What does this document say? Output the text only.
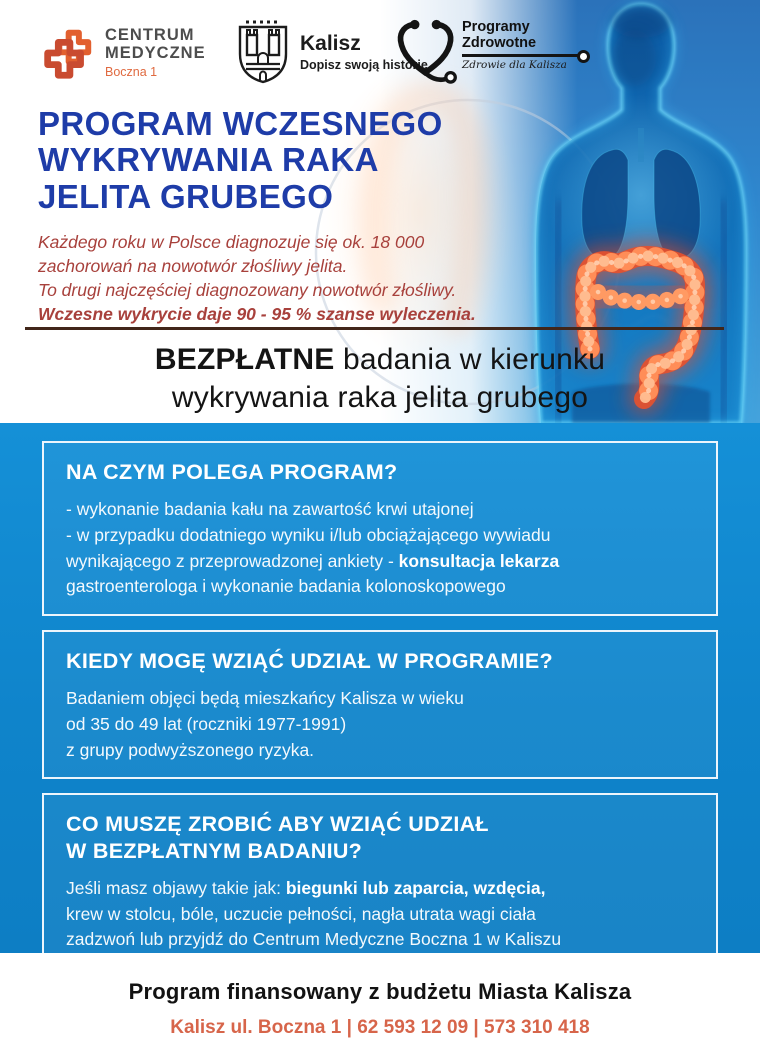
CENTRUM
MEDYCZNE
Boczna 1
Kalisz
Dopisz swoją historię
Programy
Zdrowotne
Zdrowie dla Kalisza
PROGRAM WCZESNEGO
WYKRYWANIA RAKA
JELITA GRUBEGO
Każdego roku w Polsce diagnozuje się ok. 18 000
zachorowań na nowotwór złośliwy jelita.
To drugi najczęściej diagnozowany nowotwór złośliwy.
Wczesne wykrycie daje 90 - 95 % szanse wyleczenia.
BEZPŁATNE badania w kierunku
wykrywania raka jelita grubego
NA CZYM POLEGA PROGRAM?
- wykonanie badania kału na zawartość krwi utajonej
- w przypadku dodatniego wyniku i/lub obciążającego wywiadu
wynikającego z przeprowadzonej ankiety - konsultacja lekarza
gastroenterologa i wykonanie badania kolonoskopowego
KIEDY MOGĘ WZIĄĆ UDZIAŁ W PROGRAMIE?
Badaniem objęci będą mieszkańcy Kalisza w wieku
od 35 do 49 lat (roczniki 1977-1991)
z grupy podwyższonego ryzyka.
CO MUSZĘ ZROBIĆ ABY WZIĄĆ UDZIAŁ
W BEZPŁATNYM BADANIU?
Jeśli masz objawy takie jak: biegunki lub zaparcia, wzdęcia,
krew w stolcu, bóle, uczucie pełności, nagła utrata wagi ciała
zadzwoń lub przyjdź do Centrum Medyczne Boczna 1 w Kaliszu
Program finansowany z budżetu Miasta Kalisza
Kalisz ul. Boczna 1 | 62 593 12 09 | 573 310 418
